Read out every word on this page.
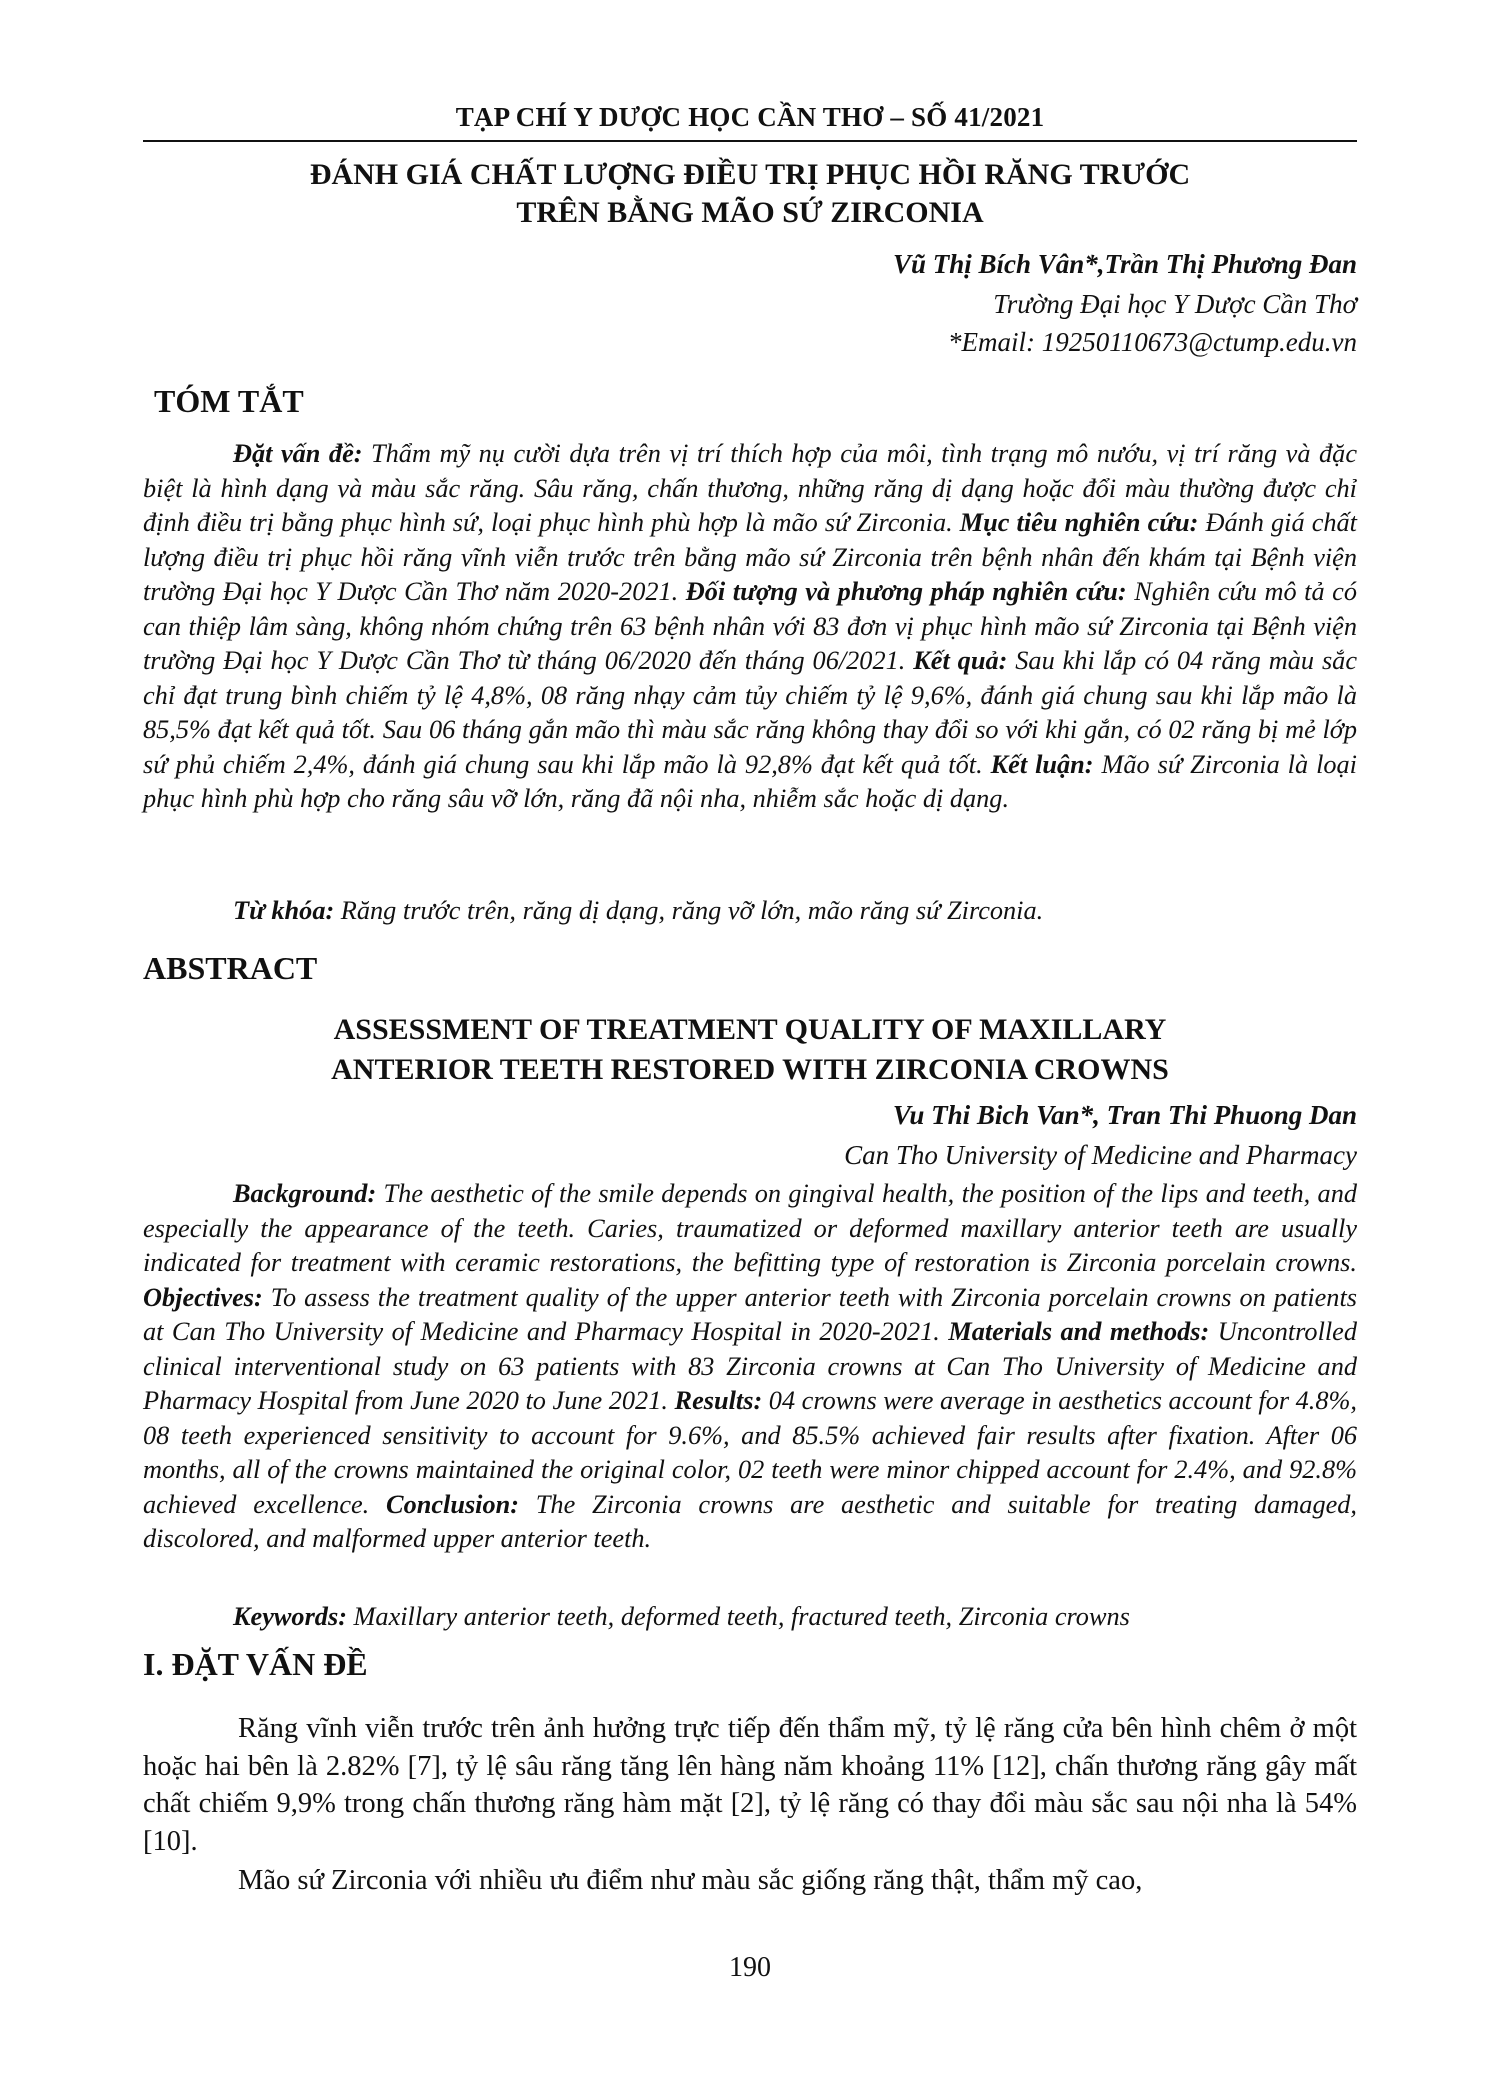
TẠP CHÍ Y DƯỢC HỌC CẦN THƠ – SỐ 41/2021
ĐÁNH GIÁ CHẤT LƯỢNG ĐIỀU TRỊ PHỤC HỒI RĂNG TRƯỚC
TRÊN BẰNG MÃO SỨ ZIRCONIA
Vũ Thị Bích Vân*,Trần Thị Phương Đan
Trường Đại học Y Dược Cần Thơ
*Email: 19250110673@ctump.edu.vn
TÓM TẮT

Đặt vấn đề: Thẩm mỹ nụ cười dựa trên vị trí thích hợp của môi, tình trạng mô nướu, vị trí răng và đặc biệt là hình dạng và màu sắc răng. Sâu răng, chấn thương, những răng dị dạng hoặc đổi màu thường được chỉ định điều trị bằng phục hình sứ, loại phục hình phù hợp là mão sứ Zirconia. Mục tiêu nghiên cứu: Đánh giá chất lượng điều trị phục hồi răng vĩnh viễn trước trên bằng mão sứ Zirconia trên bệnh nhân đến khám tại Bệnh viện trường Đại học Y Dược Cần Thơ năm 2020-2021. Đối tượng và phương pháp nghiên cứu: Nghiên cứu mô tả có can thiệp lâm sàng, không nhóm chứng trên 63 bệnh nhân với 83 đơn vị phục hình mão sứ Zirconia tại Bệnh viện trường Đại học Y Dược Cần Thơ từ tháng 06/2020 đến tháng 06/2021. Kết quả: Sau khi lắp có 04 răng màu sắc chỉ đạt trung bình chiếm tỷ lệ 4,8%, 08 răng nhạy cảm tủy chiếm tỷ lệ 9,6%, đánh giá chung sau khi lắp mão là 85,5% đạt kết quả tốt. Sau 06 tháng gắn mão thì màu sắc răng không thay đổi so với khi gắn, có 02 răng bị mẻ lớp sứ phủ chiếm 2,4%, đánh giá chung sau khi lắp mão là 92,8% đạt kết quả tốt. Kết luận: Mão sứ Zirconia là loại phục hình phù hợp cho răng sâu vỡ lớn, răng đã nội nha, nhiễm sắc hoặc dị dạng.

Từ khóa: Răng trước trên, răng dị dạng, răng vỡ lớn, mão răng sứ Zirconia.

ABSTRACT
ASSESSMENT OF TREATMENT QUALITY OF MAXILLARY
ANTERIOR TEETH RESTORED WITH ZIRCONIA CROWNS
Vu Thi Bich Van*, Tran Thi Phuong Dan
Can Tho University of Medicine and Pharmacy

Background: The aesthetic of the smile depends on gingival health, the position of the lips and teeth, and especially the appearance of the teeth. Caries, traumatized or deformed maxillary anterior teeth are usually indicated for treatment with ceramic restorations, the befitting type of restoration is Zirconia porcelain crowns. Objectives: To assess the treatment quality of the upper anterior teeth with Zirconia porcelain crowns on patients at Can Tho University of Medicine and Pharmacy Hospital in 2020-2021. Materials and methods: Uncontrolled clinical interventional study on 63 patients with 83 Zirconia crowns at Can Tho University of Medicine and Pharmacy Hospital from June 2020 to June 2021. Results: 04 crowns were average in aesthetics account for 4.8%, 08 teeth experienced sensitivity to account for 9.6%, and 85.5% achieved fair results after fixation. After 06 months, all of the crowns maintained the original color, 02 teeth were minor chipped account for 2.4%, and 92.8% achieved excellence. Conclusion: The Zirconia crowns are aesthetic and suitable for treating damaged, discolored, and malformed upper anterior teeth.

Keywords: Maxillary anterior teeth, deformed teeth, fractured teeth, Zirconia crowns

I. ĐẶT VẤN ĐỀ

Răng vĩnh viễn trước trên ảnh hưởng trực tiếp đến thẩm mỹ, tỷ lệ răng cửa bên hình chêm ở một hoặc hai bên là 2.82% [7], tỷ lệ sâu răng tăng lên hàng năm khoảng 11% [12], chấn thương răng gây mất chất chiếm 9,9% trong chấn thương răng hàm mặt [2], tỷ lệ răng có thay đổi màu sắc sau nội nha là 54% [10].

Mão sứ Zirconia với nhiều ưu điểm như màu sắc giống răng thật, thẩm mỹ cao,

190
